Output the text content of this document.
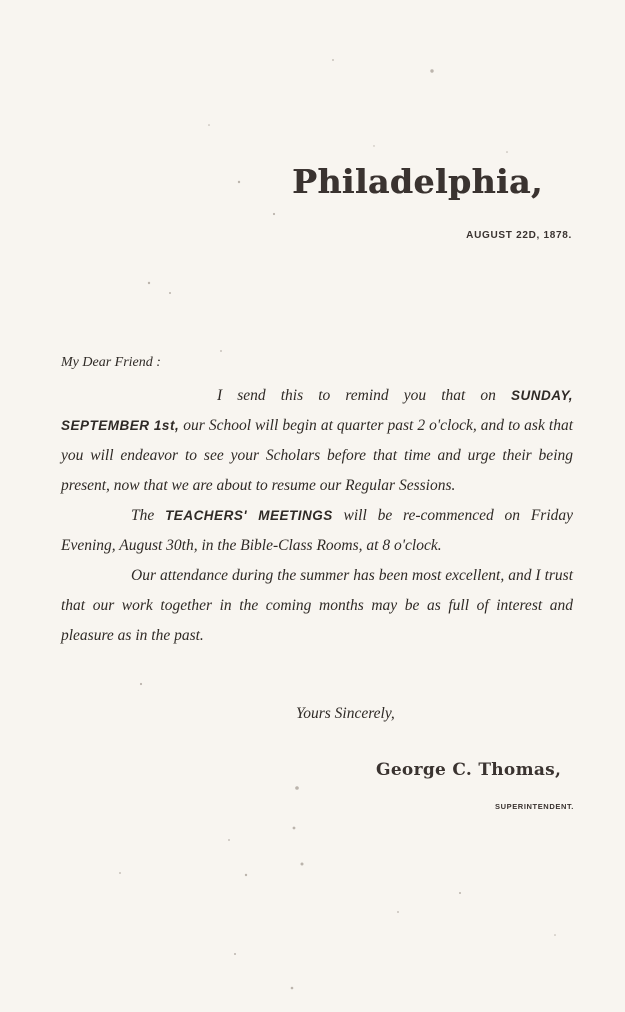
Philadelphia,
AUGUST 22D, 1878.
My Dear Friend :

I send this to remind you that on SUNDAY, SEPTEMBER 1st, our School will begin at quarter past 2 o'clock, and to ask that you will endeavor to see your Scholars before that time and urge their being present, now that we are about to resume our Regular Sessions.

The TEACHERS' MEETINGS will be re-commenced on Friday Evening, August 30th, in the Bible-Class Rooms, at 8 o'clock.

Our attendance during the summer has been most excellent, and I trust that our work together in the coming months may be as full of interest and pleasure as in the past.

Yours Sincerely,
George C. Thomas,
SUPERINTENDENT.
